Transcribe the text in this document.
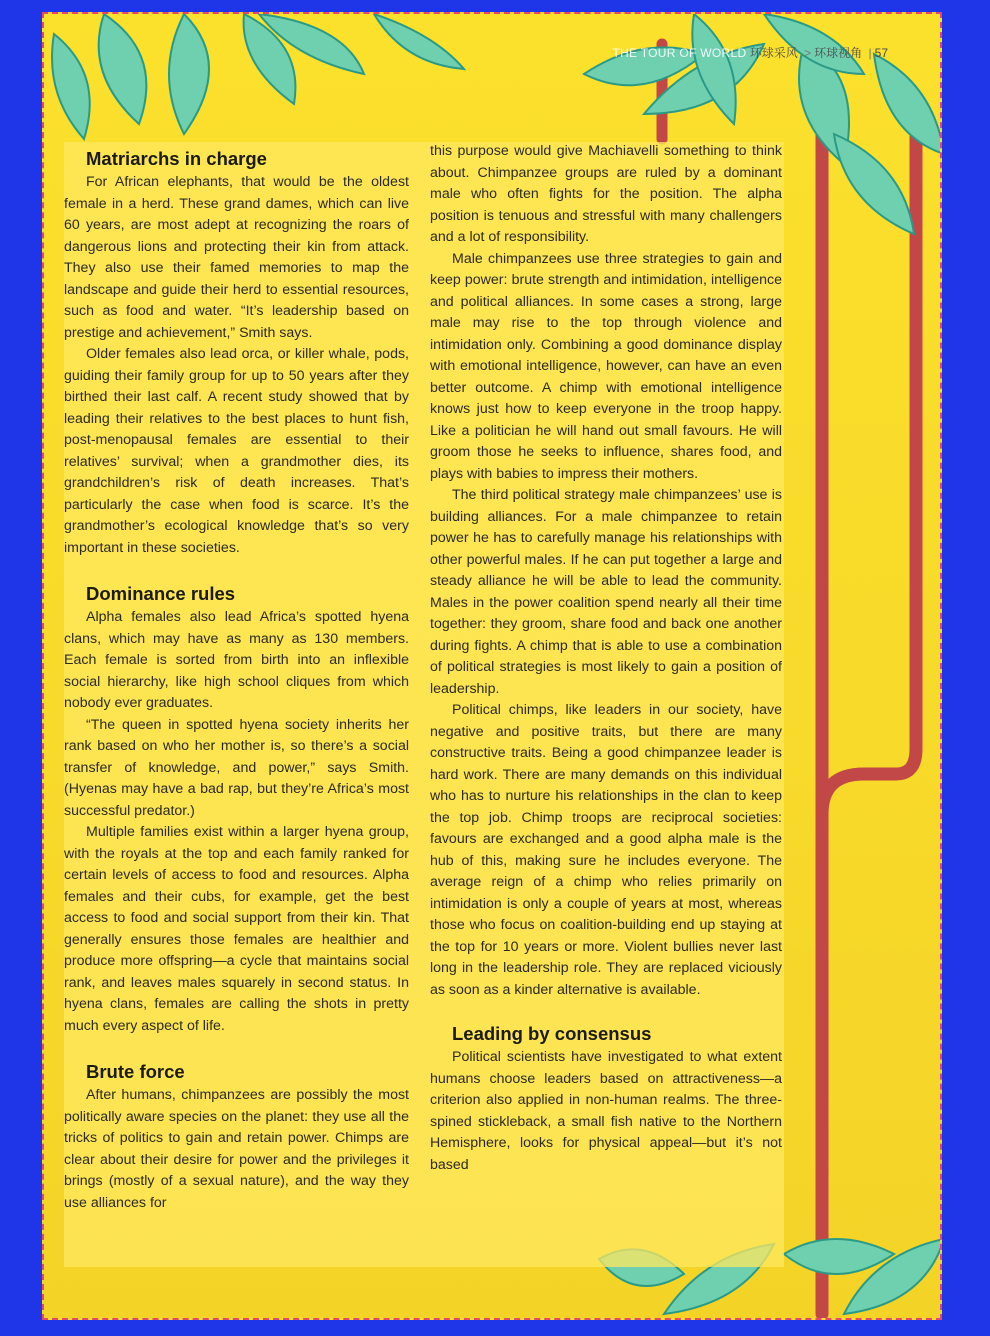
THE TOUR OF WORLD 环球采风 > 环球视角 | 57
Matriarchs in charge

For African elephants, that would be the oldest female in a herd. These grand dames, which can live 60 years, are most adept at recognizing the roars of dangerous lions and protecting their kin from attack. They also use their famed memories to map the landscape and guide their herd to essential resources, such as food and water. “It’s leadership based on prestige and achievement,” Smith says.

Older females also lead orca, or killer whale, pods, guiding their family group for up to 50 years after they birthed their last calf. A recent study showed that by leading their relatives to the best places to hunt fish, post-menopausal females are essential to their relatives’ survival; when a grandmother dies, its grandchildren’s risk of death increases. That’s particularly the case when food is scarce. It’s the grandmother’s ecological knowledge that’s so very important in these societies.

Dominance rules

Alpha females also lead Africa’s spotted hyena clans, which may have as many as 130 members. Each female is sorted from birth into an inflexible social hierarchy, like high school cliques from which nobody ever graduates.

“The queen in spotted hyena society inherits her rank based on who her mother is, so there’s a social transfer of knowledge, and power,” says Smith. (Hyenas may have a bad rap, but they’re Africa’s most successful predator.)

Multiple families exist within a larger hyena group, with the royals at the top and each family ranked for certain levels of access to food and resources. Alpha females and their cubs, for example, get the best access to food and social support from their kin. That generally ensures those females are healthier and produce more offspring—a cycle that maintains social rank, and leaves males squarely in second status. In hyena clans, females are calling the shots in pretty much every aspect of life.

Brute force

After humans, chimpanzees are possibly the most politically aware species on the planet: they use all the tricks of politics to gain and retain power. Chimps are clear about their desire for power and the privileges it brings (mostly of a sexual nature), and the way they use alliances for

this purpose would give Machiavelli something to think about. Chimpanzee groups are ruled by a dominant male who often fights for the position. The alpha position is tenuous and stressful with many challengers and a lot of responsibility.

Male chimpanzees use three strategies to gain and keep power: brute strength and intimidation, intelligence and political alliances. In some cases a strong, large male may rise to the top through violence and intimidation only. Combining a good dominance display with emotional intelligence, however, can have an even better outcome. A chimp with emotional intelligence knows just how to keep everyone in the troop happy. Like a politician he will hand out small favours. He will groom those he seeks to influence, shares food, and plays with babies to impress their mothers.

The third political strategy male chimpanzees’ use is building alliances. For a male chimpanzee to retain power he has to carefully manage his relationships with other powerful males. If he can put together a large and steady alliance he will be able to lead the community. Males in the power coalition spend nearly all their time together: they groom, share food and back one another during fights. A chimp that is able to use a combination of political strategies is most likely to gain a position of leadership.

Political chimps, like leaders in our society, have negative and positive traits, but there are many constructive traits. Being a good chimpanzee leader is hard work. There are many demands on this individual who has to nurture his relationships in the clan to keep the top job. Chimp troops are reciprocal societies: favours are exchanged and a good alpha male is the hub of this, making sure he includes everyone. The average reign of a chimp who relies primarily on intimidation is only a couple of years at most, whereas those who focus on coalition-building end up staying at the top for 10 years or more. Violent bullies never last long in the leadership role. They are replaced viciously as soon as a kinder alternative is available.

Leading by consensus

Political scientists have investigated to what extent humans choose leaders based on attractiveness—a criterion also applied in non-human realms. The three-spined stickleback, a small fish native to the Northern Hemisphere, looks for physical appeal—but it’s not based
